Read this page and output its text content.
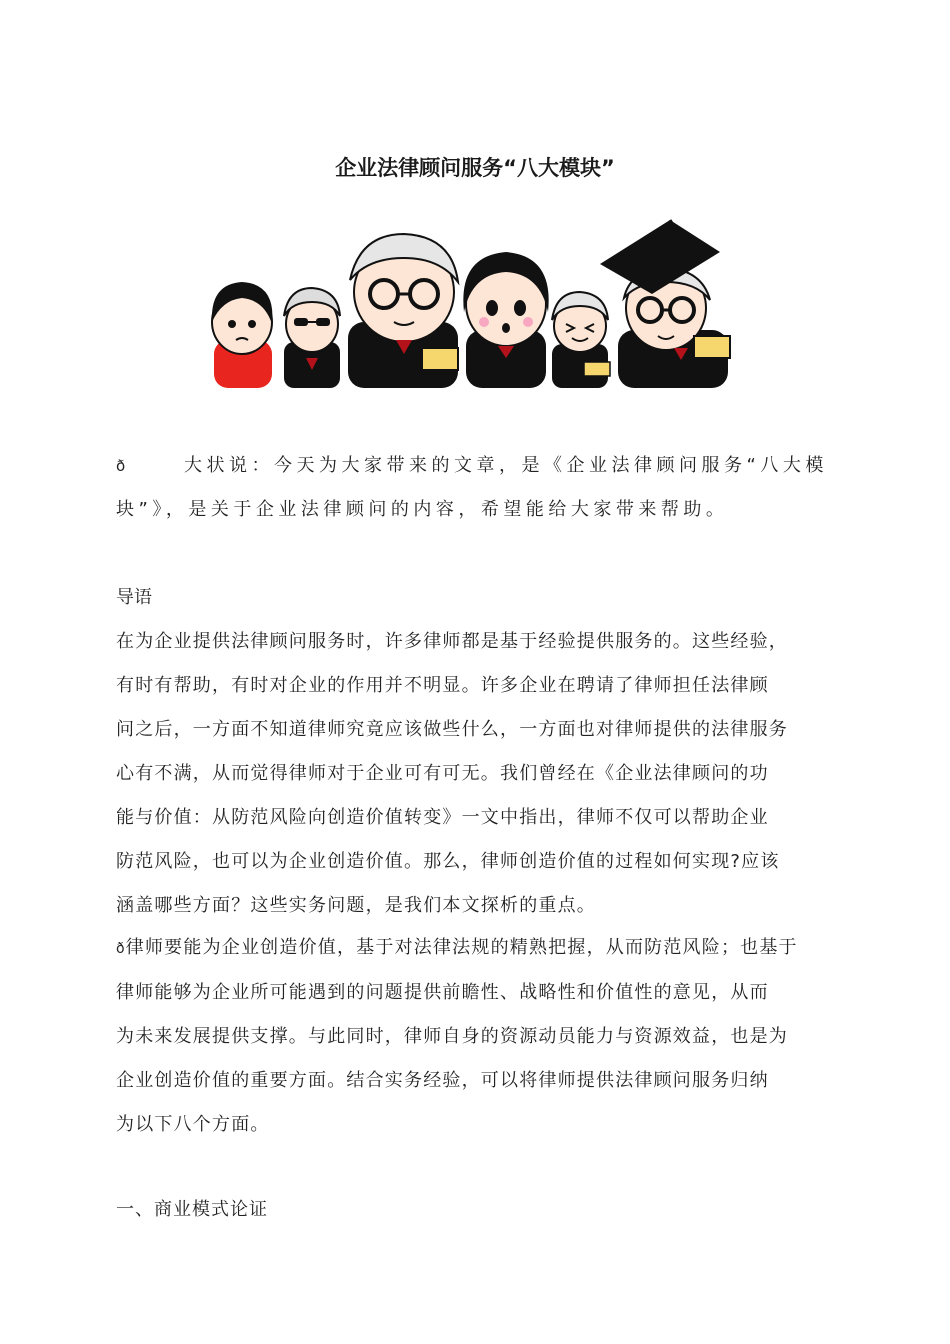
企业法律顾问服务“八大模块”
ð	大状说：今天为大家带来的文章，是《企业法律顾问服务“八大模
块”》，是关于企业法律顾问的内容，希望能给大家带来帮助。
导语
在为企业提供法律顾问服务时，许多律师都是基于经验提供服务的。这些经验，
有时有帮助，有时对企业的作用并不明显。许多企业在聘请了律师担任法律顾
问之后，一方面不知道律师究竟应该做些什么，一方面也对律师提供的法律服务
心有不满，从而觉得律师对于企业可有可无。我们曾经在《企业法律顾问的功
能与价值：从防范风险向创造价值转变》一文中指出，律师不仅可以帮助企业
防范风险，也可以为企业创造价值。那么，律师创造价值的过程如何实现?应该
涵盖哪些方面？这些实务问题，是我们本文探析的重点。
ð律师要能为企业创造价值，基于对法律法规的精熟把握，从而防范风险；也基于
律师能够为企业所可能遇到的问题提供前瞻性、战略性和价值性的意见，从而
为未来发展提供支撑。与此同时，律师自身的资源动员能力与资源效益，也是为
企业创造价值的重要方面。结合实务经验，可以将律师提供法律顾问服务归纳
为以下八个方面。
一、商业模式论证
